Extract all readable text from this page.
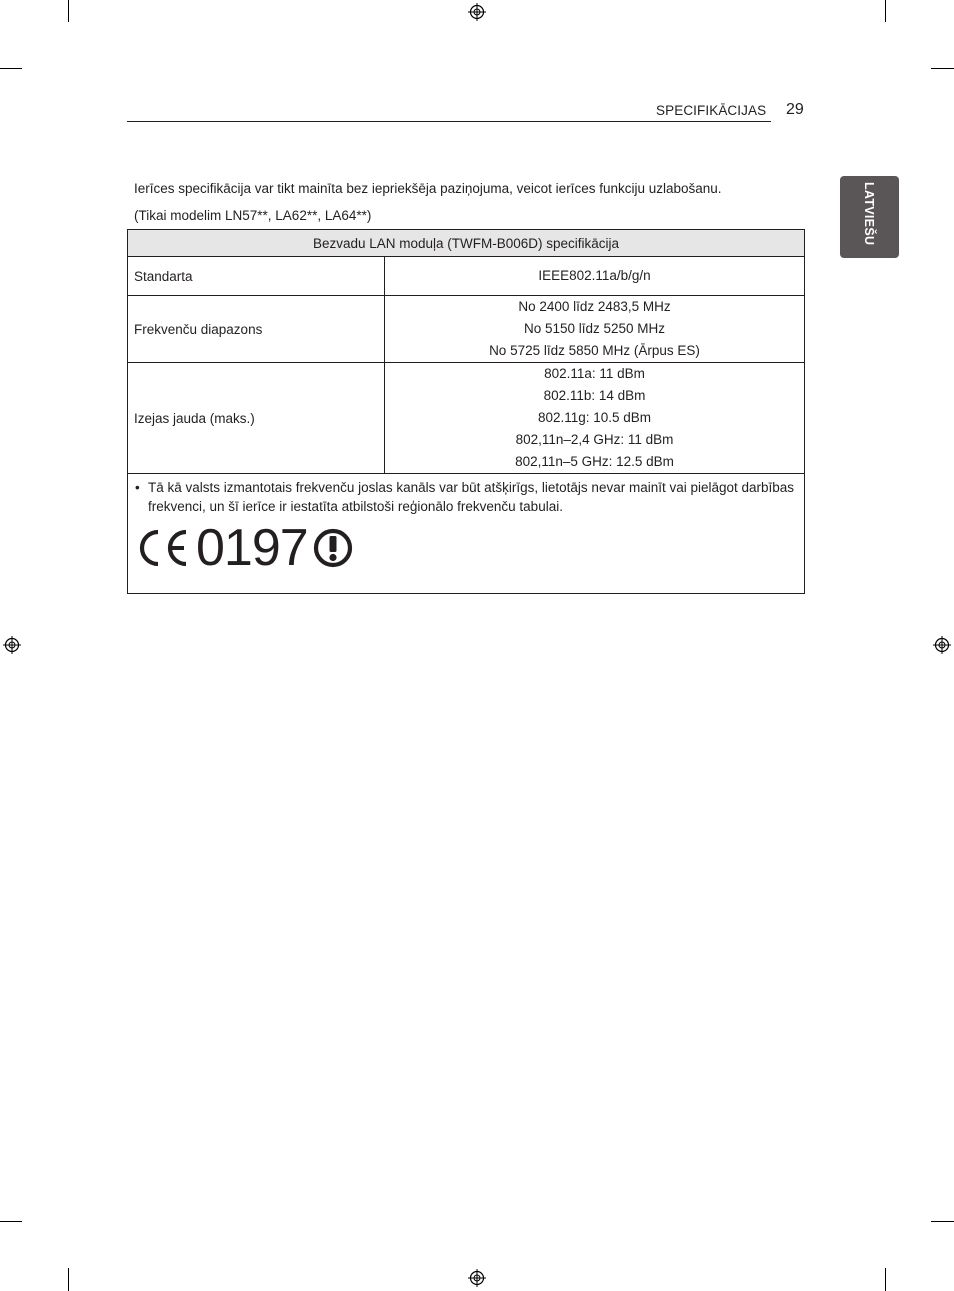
SPECIFIKĀCIJAS 29
LATVIEŠU
Ierīces specifikācija var tikt mainīta bez iepriekšēja paziņojuma, veicot ierīces funkciju uzlabošanu.
(Tikai modelim LN57**, LA62**, LA64**)
Bezvadu LAN moduļa (TWFM-B006D) specifikācija	
Standarta	IEEE802.11a/b/g/n

Frekvenču diapazons	No 2400 līdz 2483,5 MHz
No 5150 līdz 5250 MHz
No 5725 līdz 5850 MHz (Ārpus ES)

Izejas jauda (maks.)	802.11a: 11 dBm
802.11b: 14 dBm
802.11g: 10.5 dBm
802,11n–2,4 GHz: 11 dBm
802,11n–5 GHz: 12.5 dBm

• Tā kā valsts izmantotais frekvenču joslas kanāls var būt atšķirīgs, lietotājs nevar mainīt vai pielāgot darbības frekvenci, un šī ierīce ir iestatīta atbilstoši reģionālo frekvenču tabulai.
0197	
